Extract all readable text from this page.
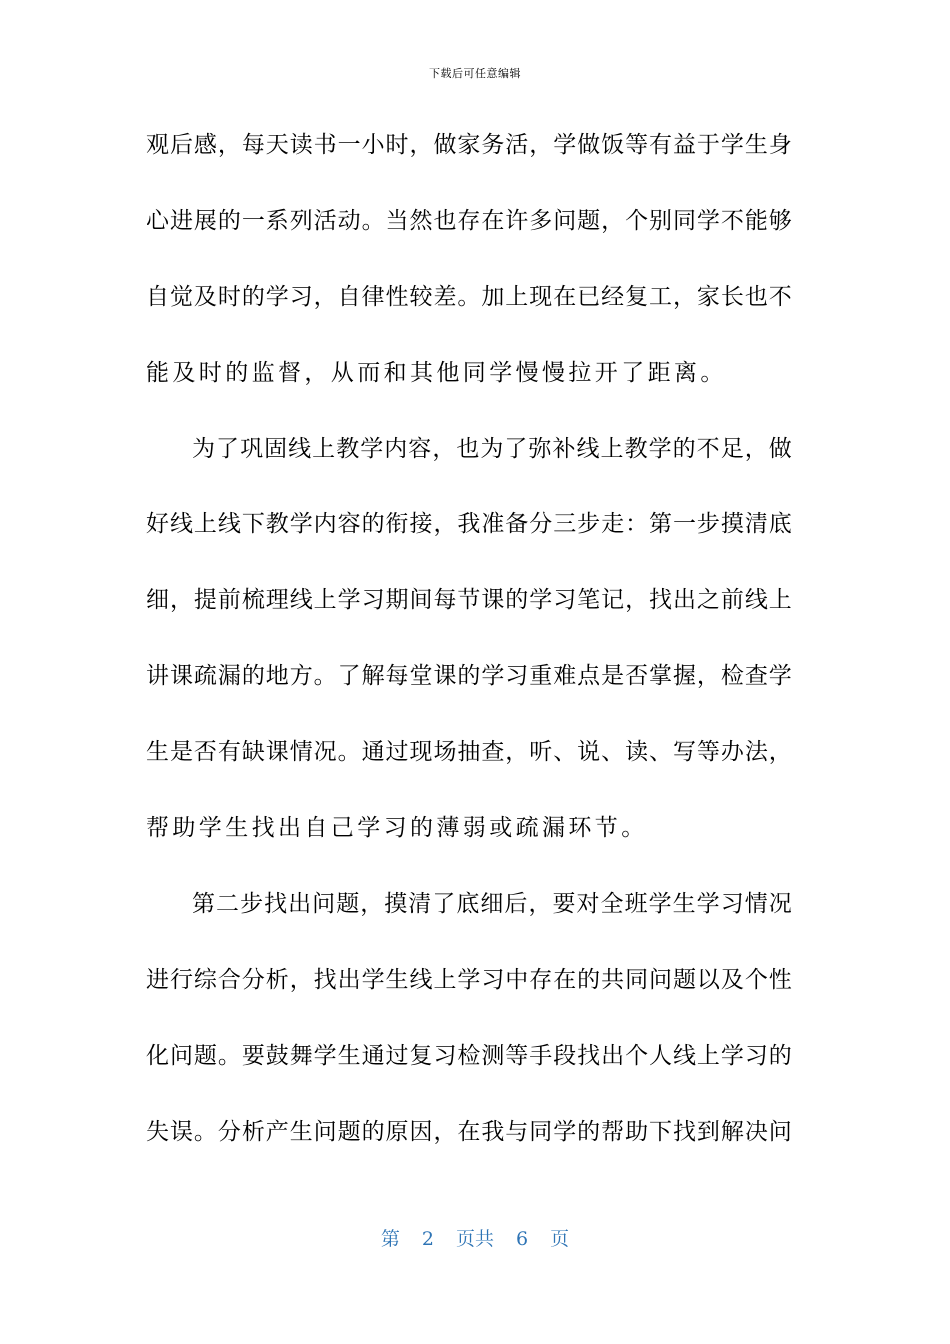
下载后可任意编辑
观 后 感 ， 每 天 读 书 一 小 时 ， 做 家 务 活 ， 学 做 饭 等 有 益 于 学 生 身
心 进 展 的 一 系 列 活 动 。 当 然 也 存 在 许 多 问 题 ， 个 别 同 学 不 能 够
自 觉 及 时 的 学 习 ， 自 律 性 较 差 。 加 上 现 在 已 经 复 工 ， 家 长 也 不
能及时的监督，从而和其他同学慢慢拉开了距离。
为 了 巩 固 线 上 教 学 内 容 ， 也 为 了 弥 补 线 上 教 学 的 不 足 ， 做
好 线 上 线 下 教 学 内 容 的 衔 接 ， 我 准 备 分 三 步 走 ： 第 一 步 摸 清 底
细 ， 提 前 梳 理 线 上 学 习 期 间 每 节 课 的 学 习 笔 记 ， 找 出 之 前 线 上
讲 课 疏 漏 的 地 方 。 了 解 每 堂 课 的 学 习 重 难 点 是 否 掌 握 ， 检 查 学
生 是 否 有 缺 课 情 况 。 通 过 现 场 抽 查 ， 听 、 说 、 读 、 写 等 办 法 ，
帮助学生找出自己学习的薄弱或疏漏环节。
第 二 步 找 出 问 题 ， 摸 清 了 底 细 后 ， 要 对 全 班 学 生 学 习 情 况
进 行 综 合 分 析 ， 找 出 学 生 线 上 学 习 中 存 在 的 共 同 问 题 以 及 个 性
化 问 题 。 要 鼓 舞 学 生 通 过 复 习 检 测 等 手 段 找 出 个 人 线 上 学 习 的
失 误 。 分 析 产 生 问 题 的 原 因 ， 在 我 与 同 学 的 帮 助 下 找 到 解 决 问
第 2 页共 6 页
